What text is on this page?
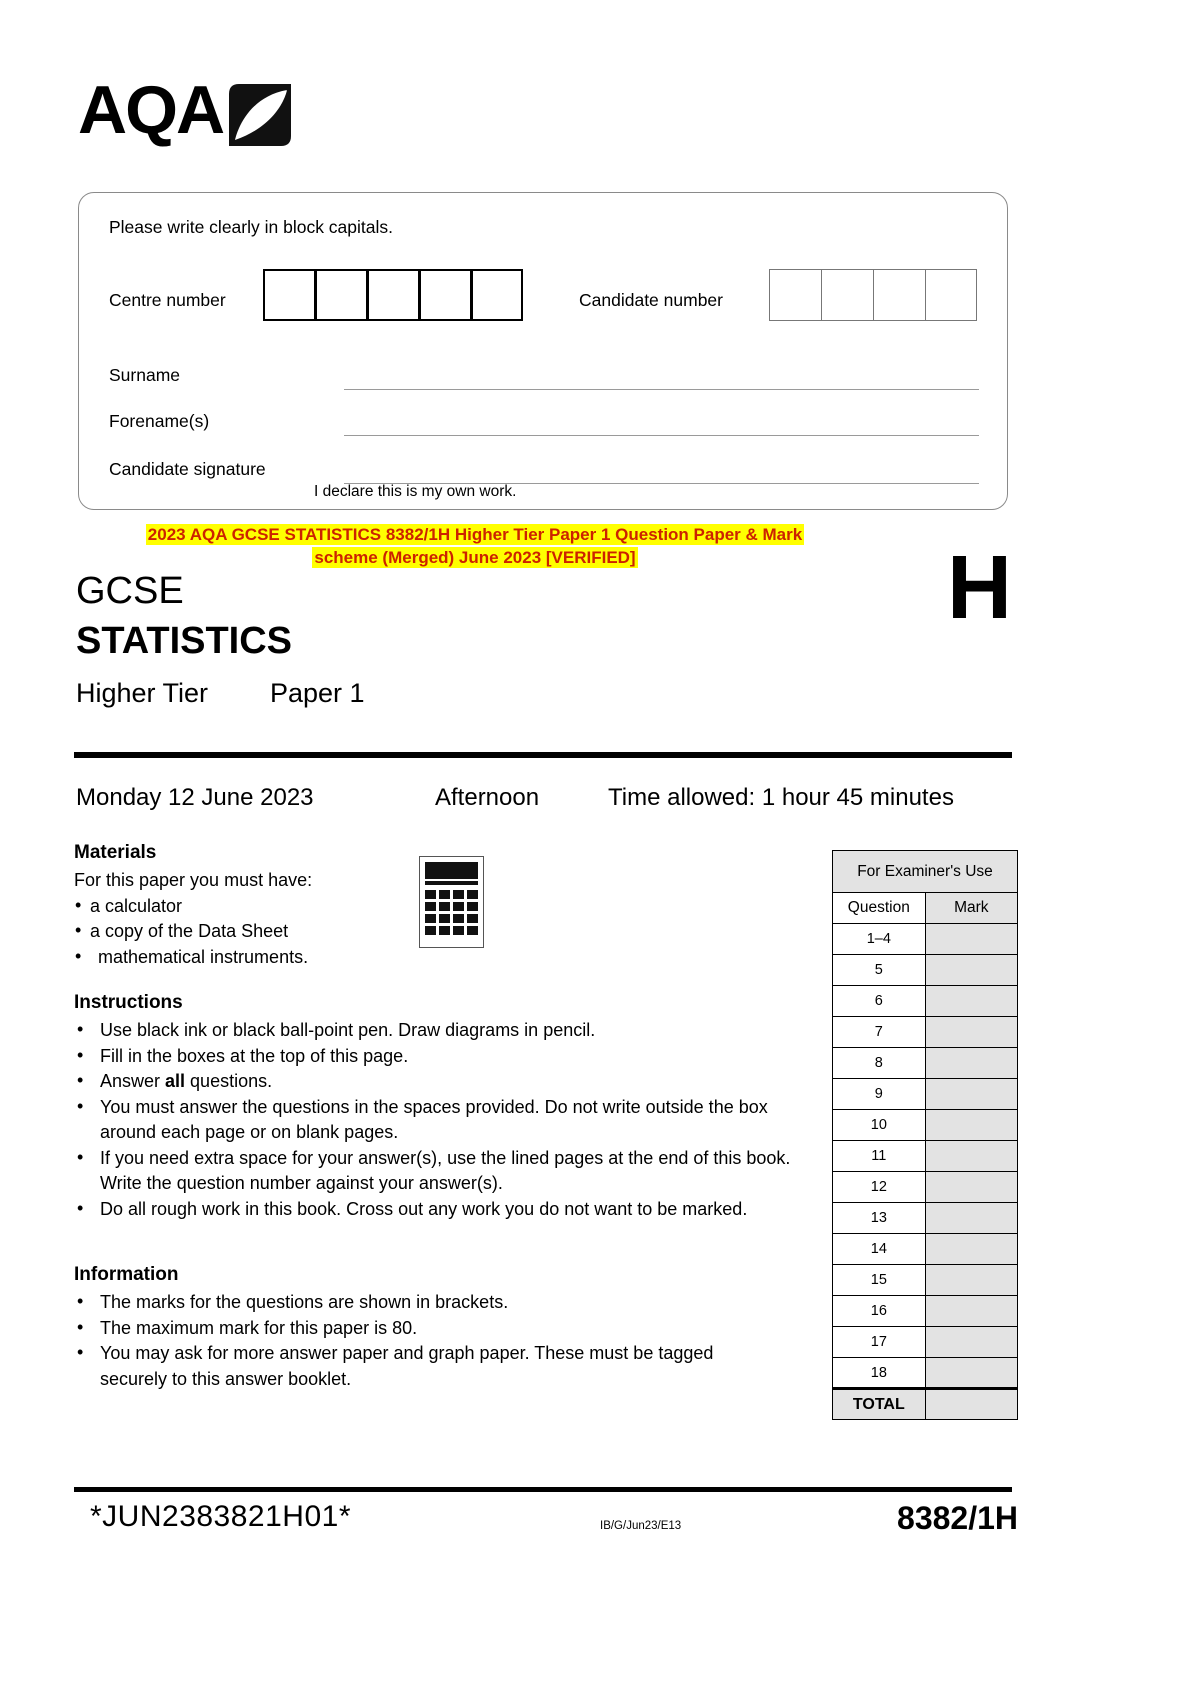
AQA
Please write clearly in block capitals.
Centre number	Candidate number
Surname
Forename(s)
Candidate signature
I declare this is my own work.
2023 AQA GCSE STATISTICS 8382/1H Higher Tier Paper 1 Question Paper & Mark
scheme (Merged) June 2023 [VERIFIED]
GCSE
STATISTICS
Higher Tier Paper 1
H
Monday 12 June 2023	Afternoon	Time allowed: 1 hour 45 minutes
Materials

For this paper you must have:

• a calculator
• a copy of the Data Sheet
• mathematical instruments.
Instructions
• Use black ink or black ball-point pen. Draw diagrams in pencil.
• Fill in the boxes at the top of this page.
• Answer all questions.
• You must answer the questions in the spaces provided. Do not write outside the box around each page or on blank pages.
• If you need extra space for your answer(s), use the lined pages at the end of this book. Write the question number against your answer(s).
• Do all rough work in this book. Cross out any work you do not want to be marked.
Information
• The marks for the questions are shown in brackets.
• The maximum mark for this paper is 80.
• You may ask for more answer paper and graph paper. These must be tagged securely to this answer booklet.
For Examiner's Use	
Question	Mark
1–4	
5	
6	
7	
8	
9	
10	
11	
12	
13	
14	
15	
16	
17	
18	
TOTAL	
*JUN2383821H01*	IB/G/Jun23/E13	8382/1H
